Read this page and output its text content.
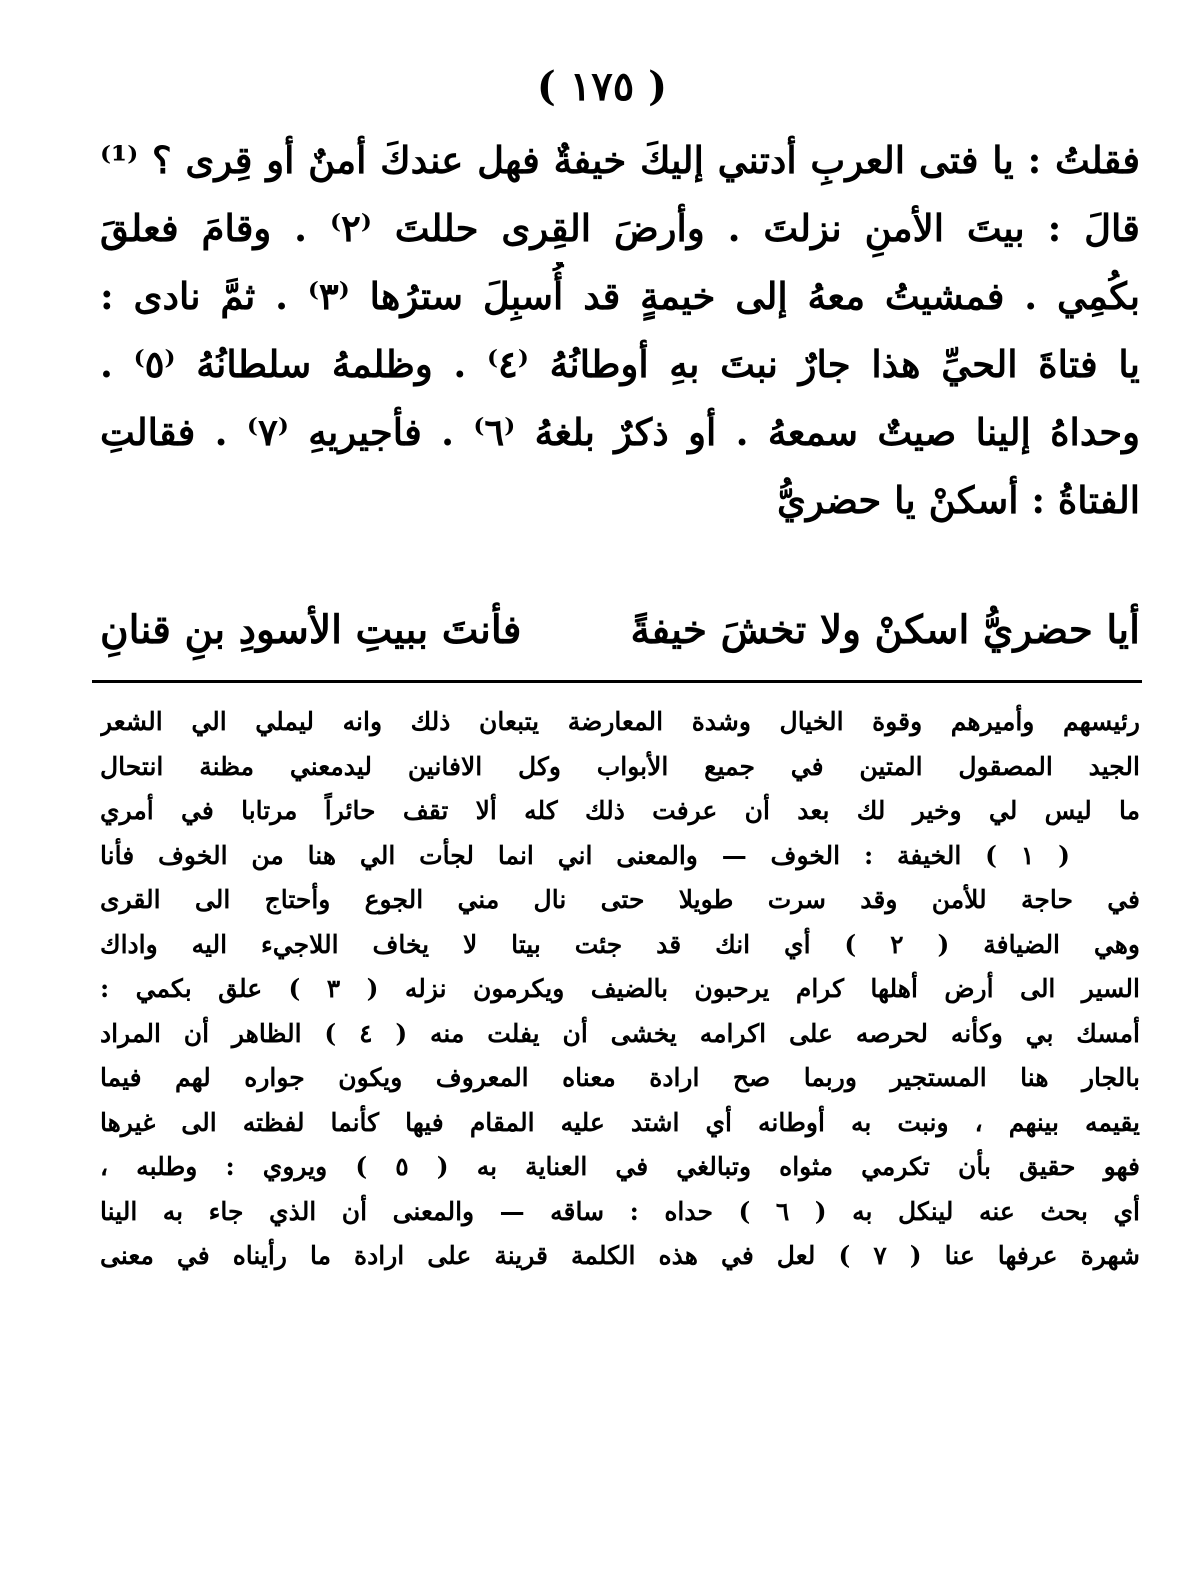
( ١٧٥ )
فقلتُ : يا فتى العربِ أدتني إليكَ خيفةٌ فهل عندكَ أمنٌ أو قِرى ؟ ⁽¹⁾
قالَ : بيتَ الأمنِ نزلتَ . وأرضَ القِرى حللتَ ⁽٢⁾ . وقامَ فعلقَ
بكُمِي . فمشيتُ معهُ إلى خيمةٍ قد أُسبِلَ سترُها ⁽٣⁾ . ثمَّ نادى :
يا فتاةَ الحيِّ هذا جارٌ نبتَ بهِ أوطانُهُ ⁽٤⁾ . وظلمهُ سلطانُهُ ⁽٥⁾ .
وحداهُ إلينا صيتٌ سمعهُ . أو ذكرٌ بلغهُ ⁽٦⁾ . فأجيريهِ ⁽٧⁾ . فقالتِ
الفتاةُ : أسكنْ يا حضريُّ
أيا حضريُّ اسكنْ ولا تخشَ خيفةً
فأنتَ ببيتِ الأسودِ بنِ قنانِ
رئيسهم وأميرهم وقوة الخيال وشدة المعارضة يتبعان ذلك وانه ليملي الي الشعر
الجيد المصقول المتين في جميع الأبواب وكل الافانين ليدمعني مظنة انتحال
ما ليس لي وخير لك بعد أن عرفت ذلك كله ألا تقف حائراً مرتابا في أمري
( ١ ) الخيفة : الخوف — والمعنى اني انما لجأت الي هنا من الخوف فأنا
في حاجة للأمن وقد سرت طويلا حتى نال مني الجوع وأحتاج الى القرى
وهي الضيافة ( ٢ ) أي انك قد جئت بيتا لا يخاف اللاجيء اليه واداك
السير الى أرض أهلها كرام يرحبون بالضيف ويكرمون نزله ( ٣ ) علق بكمي :
أمسك بي وكأنه لحرصه على اكرامه يخشى أن يفلت منه ( ٤ ) الظاهر أن المراد
بالجار هنا المستجير وربما صح ارادة معناه المعروف ويكون جواره لهم فيما
يقيمه بينهم ، ونبت به أوطانه أي اشتد عليه المقام فيها كأنما لفظته الى غيرها
فهو حقيق بأن تكرمي مثواه وتبالغي في العناية به ( ٥ ) ويروي : وطلبه ،
أي بحث عنه لينكل به ( ٦ ) حداه : ساقه — والمعنى أن الذي جاء به الينا
شهرة عرفها عنا ( ٧ ) لعل في هذه الكلمة قرينة على ارادة ما رأيناه في معنى
